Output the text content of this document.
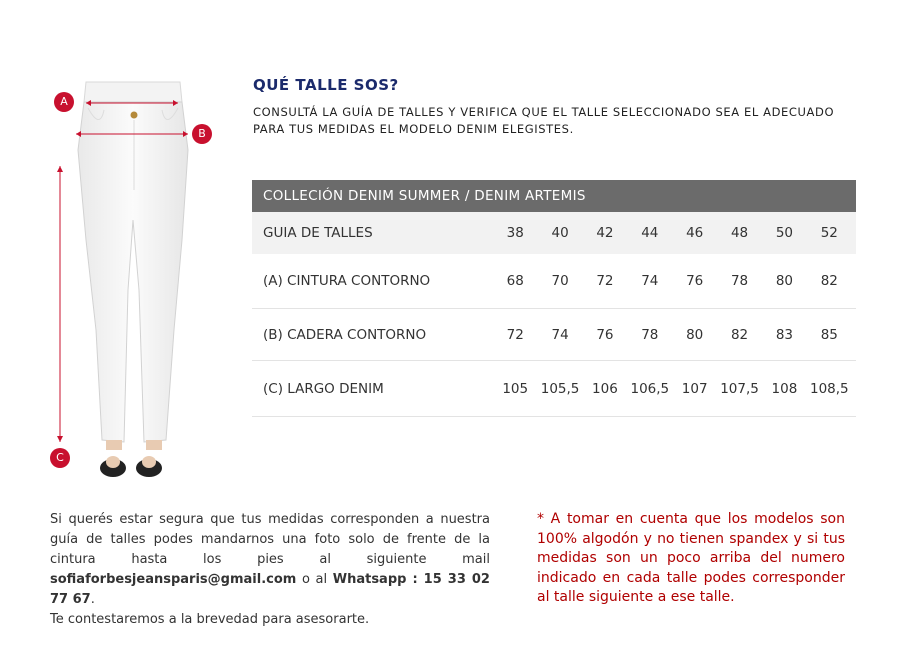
A
B
C
QUÉ TALLE SOS?
CONSULTÁ LA GUÍA DE TALLES Y VERIFICA QUE EL TALLE SELECCIONADO SEA EL ADECUADO PARA TUS MEDIDAS EL MODELO DENIM ELEGISTES.
COLLECIÓN DENIM SUMMER / DENIM ARTEMIS								
GUIA DE TALLES	38	40	42	44	46	48	50	52
(A) CINTURA CONTORNO	68	70	72	74	76	78	80	82
(B) CADERA CONTORNO	72	74	76	78	80	82	83	85
(C) LARGO DENIM	105	105,5	106	106,5	107	107,5	108	108,5

Si querés estar segura que tus medidas corresponden a nuestra guía de talles podes mandarnos una foto solo de frente de la cintura hasta los pies al siguiente mail sofiaforbesjeansparis@gmail.com o al Whatsapp : 15 33 02 77 67.

Te contestaremos a la brevedad para asesorarte.

* A tomar en cuenta que los modelos son 100% algodón y no tienen spandex y si tus medidas son un poco arriba del numero indicado en cada talle podes corresponder al talle siguiente a ese talle.
